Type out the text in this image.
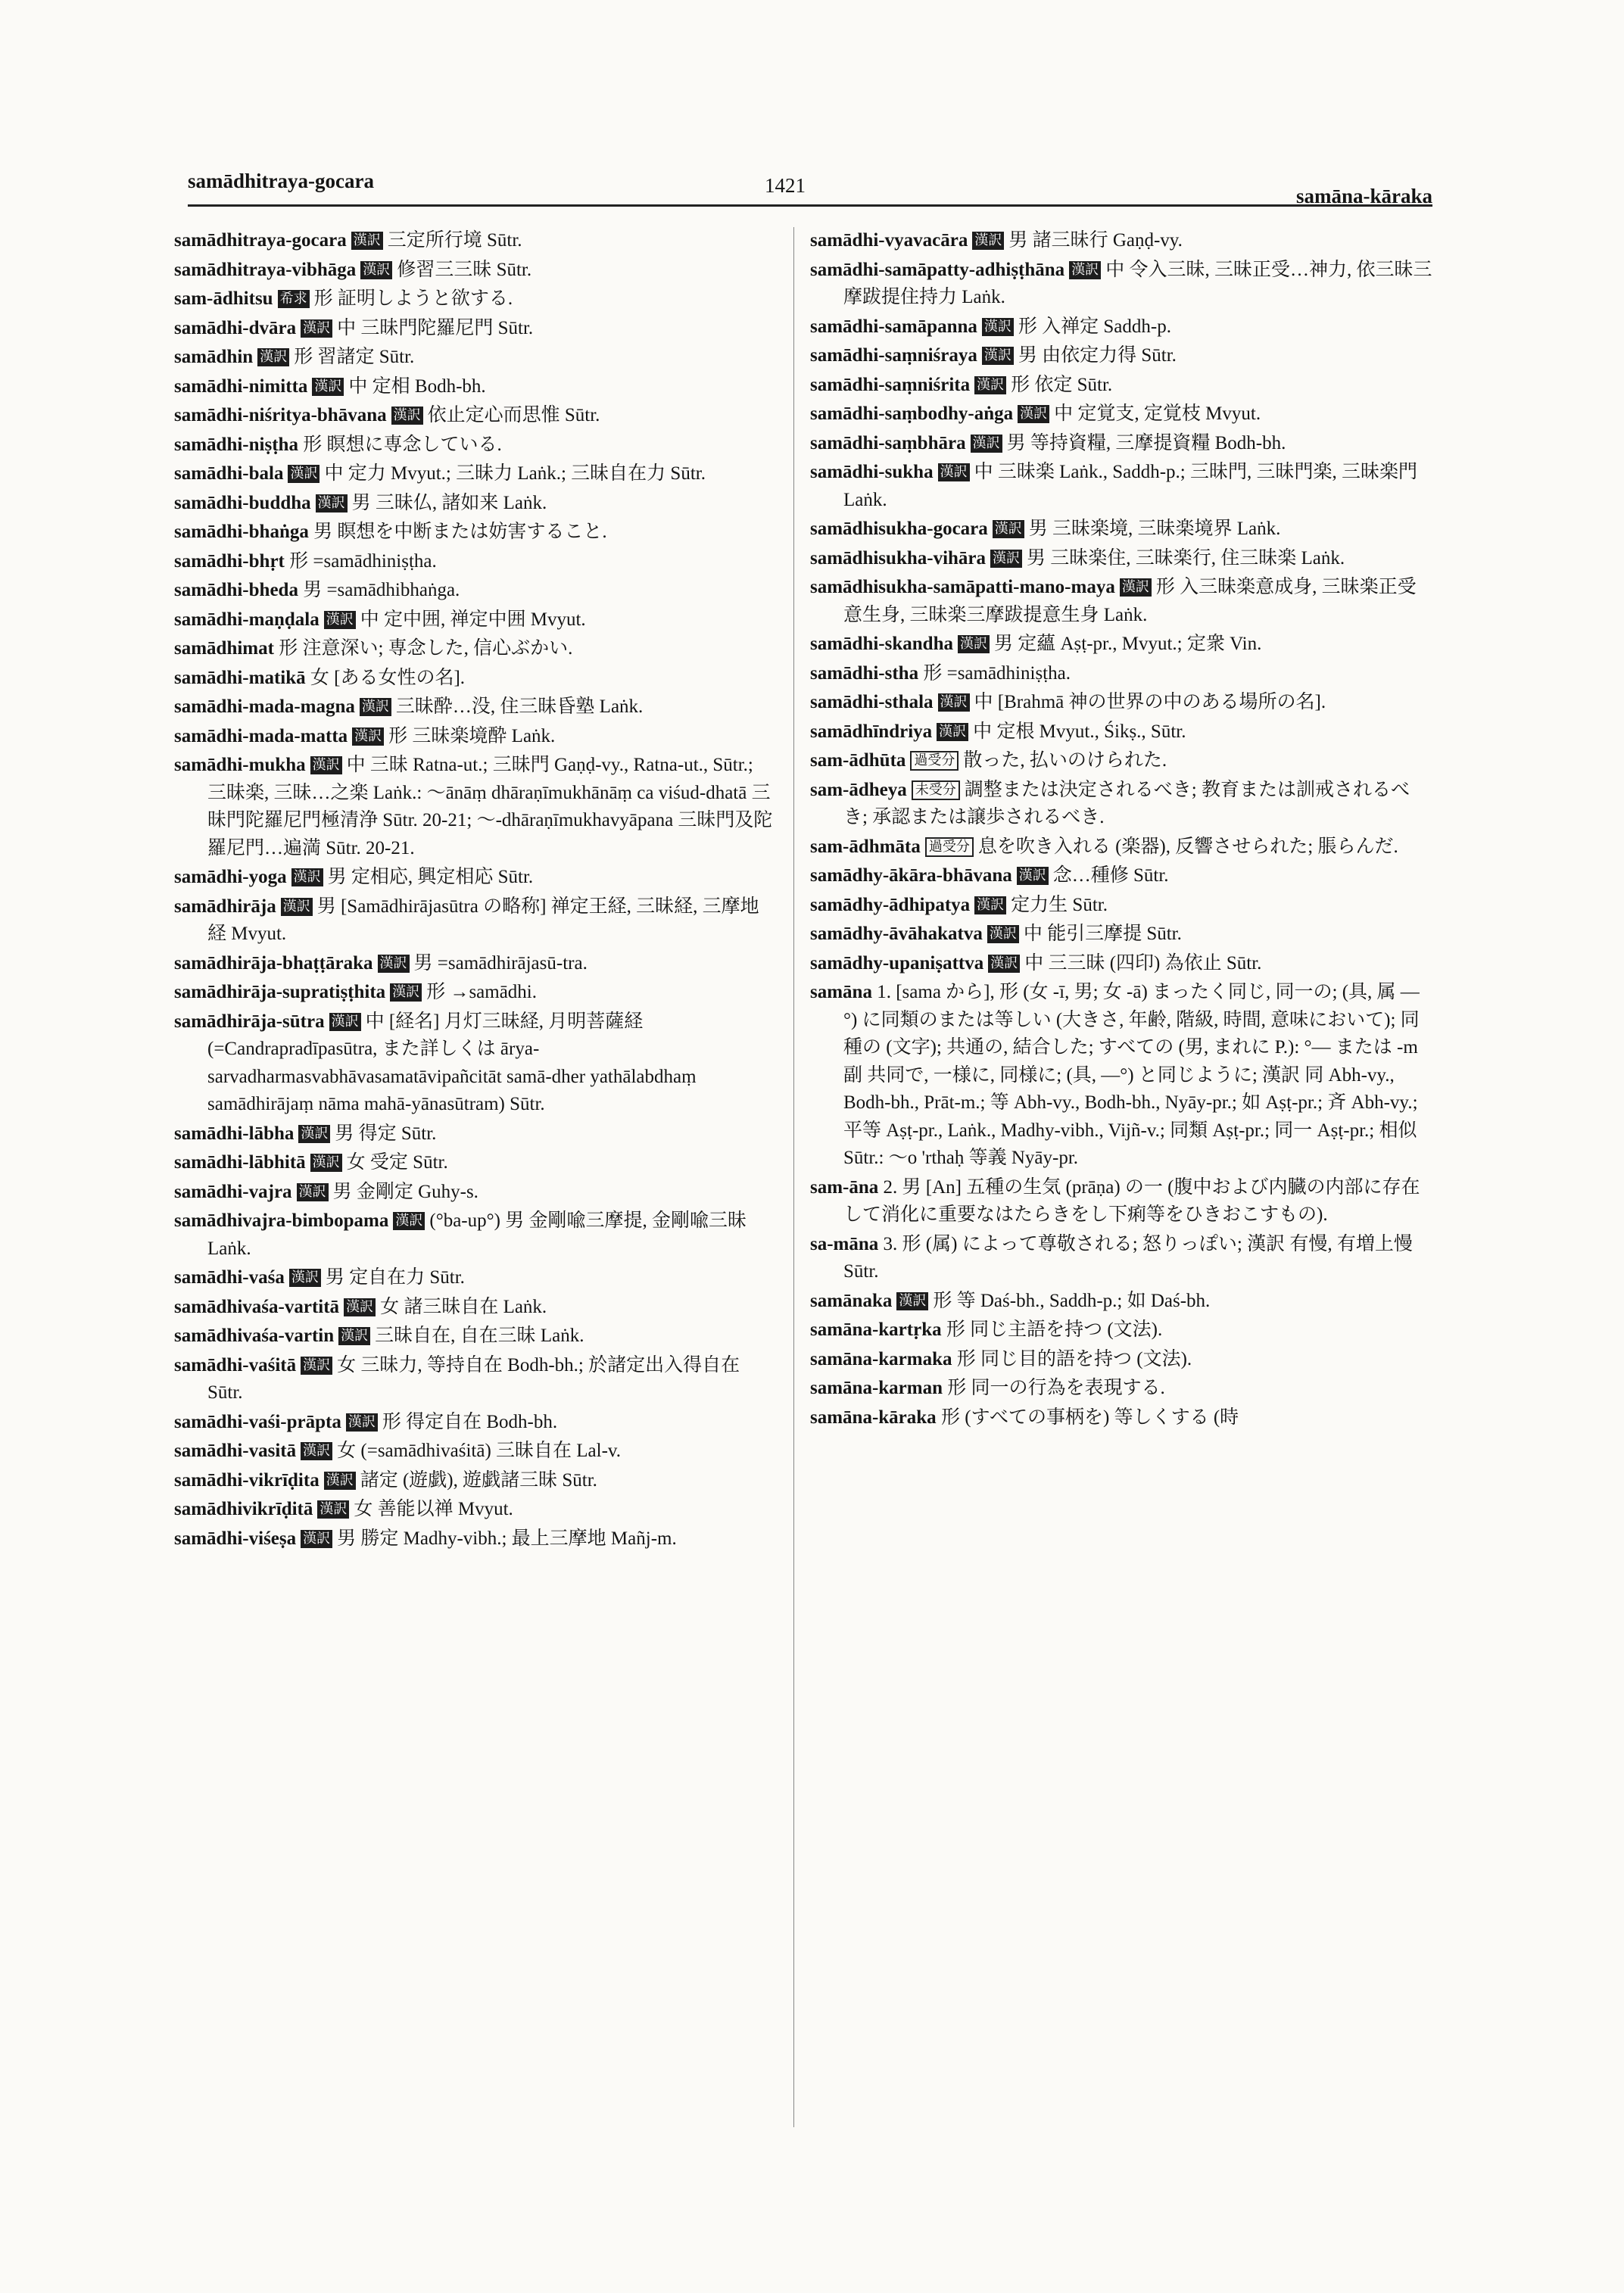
samādhitraya-gocara	1421	samāna-kāraka
samādhitraya-gocara 漢訳 三定所行境 Sūtr.
samādhitraya-vibhāga 漢訳 修習三三昧 Sūtr.
sam-ādhitsu 希求 形 証明しようと欲する.
samādhi-dvāra 漢訳 中 三昧門陀羅尼門 Sūtr.
samādhin 漢訳 形 習諸定 Sūtr.
samādhi-nimitta 漢訳 中 定相 Bodh-bh.
samādhi-niśritya-bhāvana 漢訳 依止定心而思惟 Sūtr.
samādhi-niṣṭha 形 瞑想に専念している.
samādhi-bala 漢訳 中 定力 Mvyut.; 三昧力 Laṅk.; 三昧自在力 Sūtr.
samādhi-buddha 漢訳 男 三昧仏, 諸如来 Laṅk.
samādhi-bhaṅga 男 瞑想を中断または妨害すること.
samādhi-bhṛt 形 =samādhiniṣṭha.
samādhi-bheda 男 =samādhibhaṅga.
samādhi-maṇḍala 漢訳 中 定中囲, 禅定中囲 Mvyut.
samādhimat 形 注意深い; 専念した, 信心ぶかい.
samādhi-matikā 女 [ある女性の名].
samādhi-mada-magna 漢訳 三昧酔…没, 住三昧昏塾 Laṅk.
samādhi-mada-matta 漢訳 形 三昧楽境酔 Laṅk.
samādhi-mukha 漢訳 中 三昧 Ratna-ut.; 三昧門 Gaṇḍ-vy., Ratna-ut., Sūtr.; 三昧楽, 三昧…之楽 Laṅk.: ～ānāṃ dhāraṇīmukhānāṃ ca viśud-dhatā 三昧門陀羅尼門極清浄 Sūtr. 20-21; ～-dhāraṇīmukhavyāpana 三昧門及陀羅尼門…遍満 Sūtr. 20-21.
samādhi-yoga 漢訳 男 定相応, 興定相応 Sūtr.
samādhirāja 漢訳 男 [Samādhirājasūtra の略称] 禅定王経, 三昧経, 三摩地経 Mvyut.
samādhirāja-bhaṭṭāraka 漢訳 男 =samādhirājasū-tra.
samādhirāja-supratiṣṭhita 漢訳 形 →samādhi.
samādhirāja-sūtra 漢訳 中 [経名] 月灯三昧経, 月明菩薩経 (=Candrapradīpasūtra, また詳しくは ārya-sarvadharmasvabhāvasamatāvipañcitāt samā-dher yathālabdhaṃ samādhirājaṃ nāma mahā-yānasūtram) Sūtr.
samādhi-lābha 漢訳 男 得定 Sūtr.
samādhi-lābhitā 漢訳 女 受定 Sūtr.
samādhi-vajra 漢訳 男 金剛定 Guhy-s.
samādhivajra-bimbopama 漢訳 (°ba-up°) 男 金剛喩三摩提, 金剛喩三昧 Laṅk.
samādhi-vaśa 漢訳 男 定自在力 Sūtr.
samādhivaśa-vartitā 漢訳 女 諸三昧自在 Laṅk.
samādhivaśa-vartin 漢訳 三昧自在, 自在三昧 Laṅk.
samādhi-vaśitā 漢訳 女 三昧力, 等持自在 Bodh-bh.; 於諸定出入得自在 Sūtr.
samādhi-vaśi-prāpta 漢訳 形 得定自在 Bodh-bh.
samādhi-vasitā 漢訳 女 (=samādhivaśitā) 三昧自在 Lal-v.
samādhi-vikrīḍita 漢訳 諸定 (遊戯), 遊戯諸三昧 Sūtr.
samādhivikrīḍitā 漢訳 女 善能以禅 Mvyut.
samādhi-viśeṣa 漢訳 男 勝定 Madhy-vibh.; 最上三摩地 Mañj-m.
samādhi-vyavacāra 漢訳 男 諸三昧行 Gaṇḍ-vy.
samādhi-samāpatty-adhiṣṭhāna 漢訳 中 令入三昧, 三昧正受…神力, 依三昧三摩跋提住持力 Laṅk.
samādhi-samāpanna 漢訳 形 入禅定 Saddh-p.
samādhi-saṃniśraya 漢訳 男 由依定力得 Sūtr.
samādhi-saṃniśrita 漢訳 形 依定 Sūtr.
samādhi-saṃbodhy-aṅga 漢訳 中 定覚支, 定覚枝 Mvyut.
samādhi-saṃbhāra 漢訳 男 等持資糧, 三摩提資糧 Bodh-bh.
samādhi-sukha 漢訳 中 三昧楽 Laṅk., Saddh-p.; 三昧門, 三昧門楽, 三昧楽門 Laṅk.
samādhisukha-gocara 漢訳 男 三昧楽境, 三昧楽境界 Laṅk.
samādhisukha-vihāra 漢訳 男 三昧楽住, 三昧楽行, 住三昧楽 Laṅk.
samādhisukha-samāpatti-mano-maya 漢訳 形 入三昧楽意成身, 三昧楽正受意生身, 三昧楽三摩跋提意生身 Laṅk.
samādhi-skandha 漢訳 男 定蘊 Aṣṭ-pr., Mvyut.; 定衆 Vin.
samādhi-stha 形 =samādhiniṣṭha.
samādhi-sthala 漢訳 中 [Brahmā 神の世界の中のある場所の名].
samādhīndriya 漢訳 中 定根 Mvyut., Śikṣ., Sūtr.
sam-ādhūta 過受分 散った, 払いのけられた.
sam-ādheya 未受分 調整または決定されるべき; 教育または訓戒されるべき; 承認または譲歩されるべき.
sam-ādhmāta 過受分 息を吹き入れる (楽器), 反響させられた; 脹らんだ.
samādhy-ākāra-bhāvana 漢訳 念…種修 Sūtr.
samādhy-ādhipatya 漢訳 定力生 Sūtr.
samādhy-āvāhakatva 漢訳 中 能引三摩提 Sūtr.
samādhy-upaniṣattva 漢訳 中 三三昧 (四印) 為依止 Sūtr.
samāna 1. [sama から], 形 (女 -ī, 男; 女 -ā) まったく同じ, 同一の; (具, 属 —°) に同類のまたは等しい (大きさ, 年齢, 階級, 時間, 意味において); 同種の (文字); 共通の, 結合した; すべての (男, まれに P.): °— または -m 副 共同で, 一様に, 同様に; (具, —°) と同じように; 漢訳 同 Abh-vy., Bodh-bh., Prāt-m.; 等 Abh-vy., Bodh-bh., Nyāy-pr.; 如 Aṣṭ-pr.; 斉 Abh-vy.; 平等 Aṣṭ-pr., Laṅk., Madhy-vibh., Vijñ-v.; 同類 Aṣṭ-pr.; 同一 Aṣṭ-pr.; 相似 Sūtr.: ～o 'rthaḥ 等義 Nyāy-pr.
sam-āna 2. 男 [An] 五種の生気 (prāṇa) の一 (腹中および内臓の内部に存在して消化に重要なはたらきをし下痢等をひきおこすもの).
sa-māna 3. 形 (属) によって尊敬される; 怒りっぽい; 漢訳 有慢, 有増上慢 Sūtr.
samānaka 漢訳 形 等 Daś-bh., Saddh-p.; 如 Daś-bh.
samāna-kartṛka 形 同じ主語を持つ (文法).
samāna-karmaka 形 同じ目的語を持つ (文法).
samāna-karman 形 同一の行為を表現する.
samāna-kāraka 形 (すべての事柄を) 等しくする (時
